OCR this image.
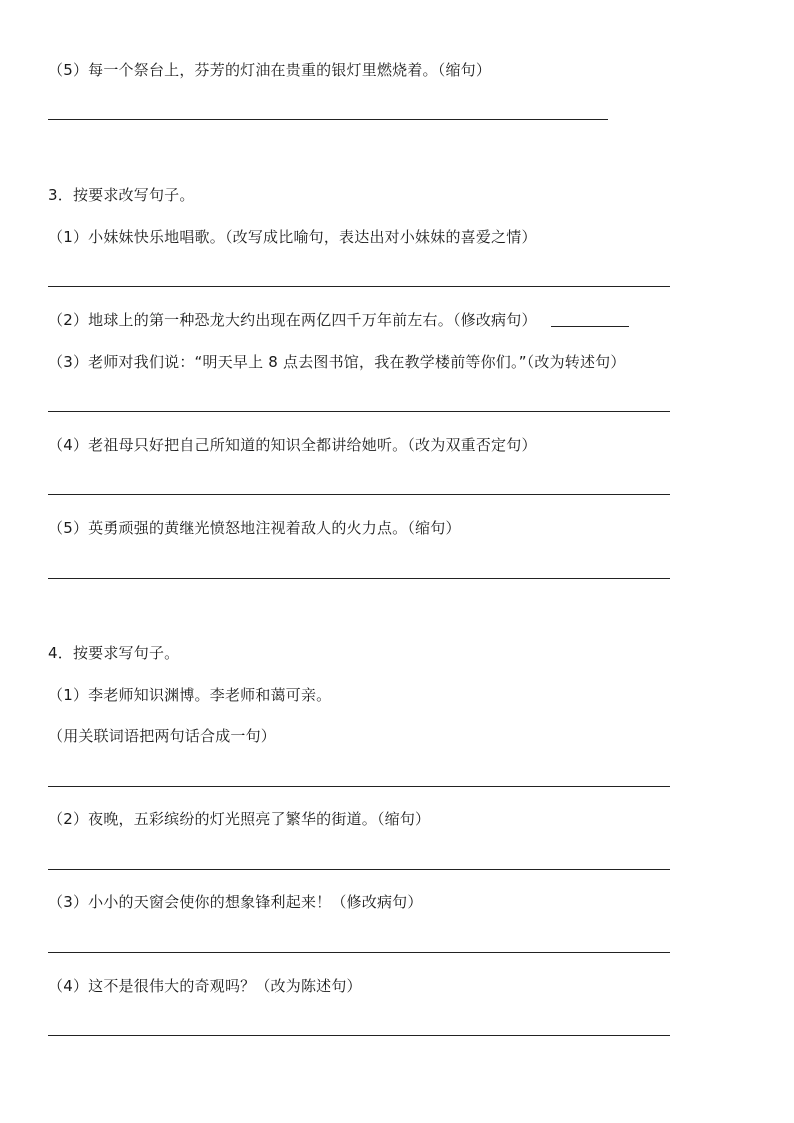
（5）每一个祭台上，芬芳的灯油在贵重的银灯里燃烧着。（缩句）
3．按要求改写句子。
（1）小妹妹快乐地唱歌。（改写成比喻句，表达出对小妹妹的喜爱之情）
（2）地球上的第一种恐龙大约出现在两亿四千万年前左右。（修改病句）
（3）老师对我们说：“明天早上 8 点去图书馆，我在教学楼前等你们。”（改为转述句）
（4）老祖母只好把自己所知道的知识全都讲给她听。（改为双重否定句）
（5）英勇顽强的黄继光愤怒地注视着敌人的火力点。（缩句）
4．按要求写句子。
（1）李老师知识渊博。李老师和蔼可亲。
（用关联词语把两句话合成一句）
（2）夜晚，五彩缤纷的灯光照亮了繁华的街道。（缩句）
（3）小小的天窗会使你的想象锋利起来！（修改病句）
（4）这不是很伟大的奇观吗？（改为陈述句）
